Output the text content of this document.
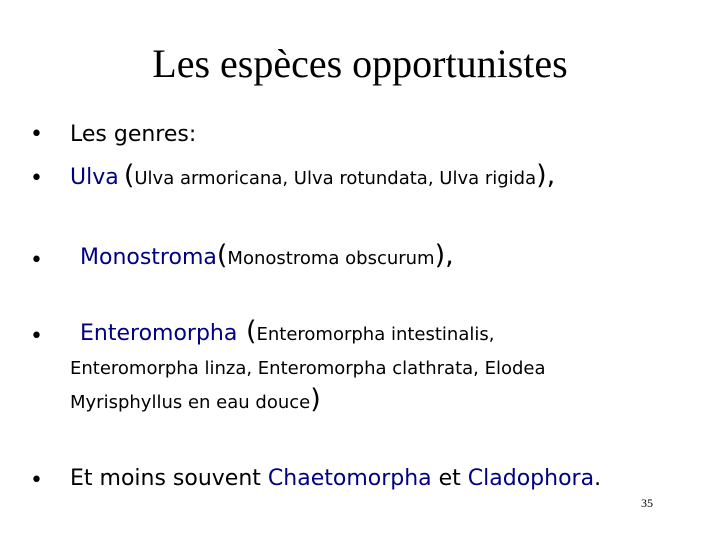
Les espèces opportunistes
• Les genres:
• Ulva (Ulva armoricana, Ulva rotundata, Ulva rigida),
• Monostroma(Monostroma obscurum),
• Enteromorpha (Enteromorpha intestinalis,
Enteromorpha linza, Enteromorpha clathrata, Elodea
Myrisphyllus en eau douce)
• Et moins souvent Chaetomorpha et Cladophora.
35
